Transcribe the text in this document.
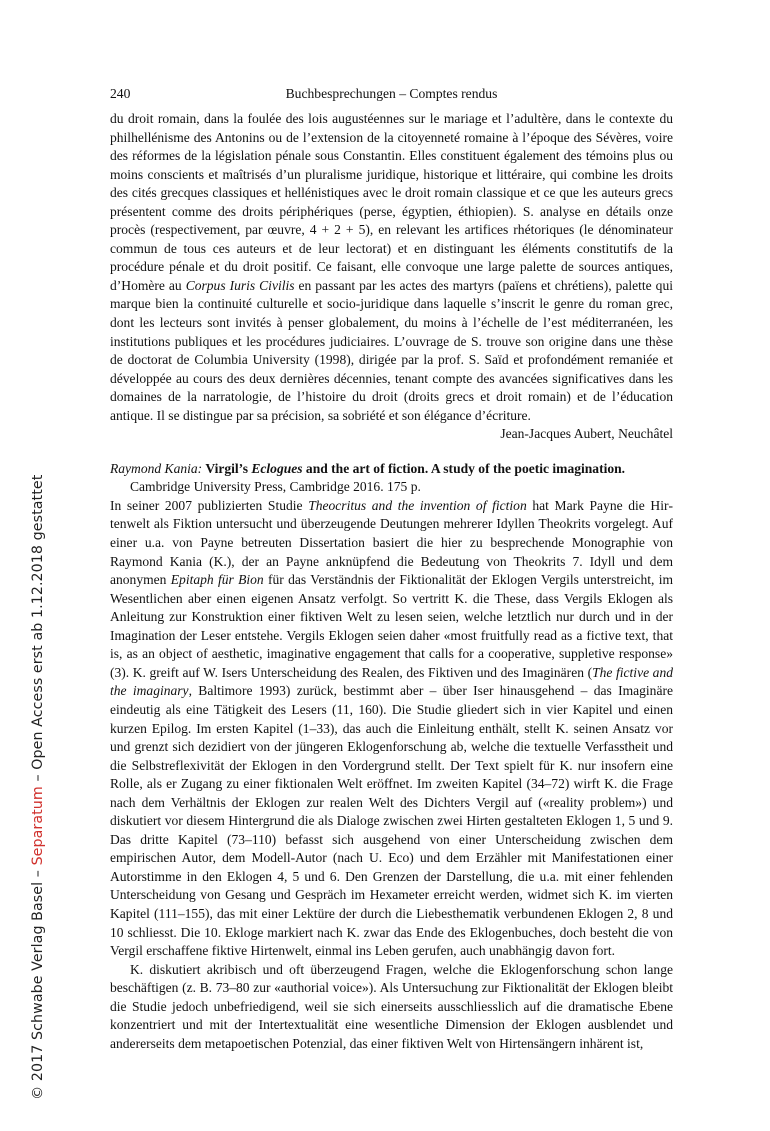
240	Buchbesprechungen – Comptes rendus

du droit romain, dans la foulée des lois augustéennes sur le mariage et l’adultère, dans le contexte du philhellénisme des Antonins ou de l’extension de la citoyenneté romaine à l’époque des Sévères, voire des réformes de la législation pénale sous Constantin. Elles constituent également des témoins plus ou moins conscients et maîtrisés d’un pluralisme juridique, historique et littéraire, qui combine les droits des cités grecques classiques et hellénistiques avec le droit romain classique et ce que les auteurs grecs présentent comme des droits périphériques (perse, égyptien, éthiopien). S. analyse en détails onze procès (respectivement, par œuvre, 4 + 2 + 5), en relevant les artifices rhétoriques (le dénominateur commun de tous ces auteurs et de leur lectorat) et en distinguant les éléments constitutifs de la procédure pénale et du droit positif. Ce faisant, elle convoque une large palette de sources antiques, d’Homère au Corpus Iuris Civilis en passant par les actes des martyrs (païens et chrétiens), palette qui marque bien la continuité culturelle et socio-juridique dans laquelle s’inscrit le genre du roman grec, dont les lecteurs sont invités à penser globalement, du moins à l’échelle de l’est méditerranéen, les institutions publiques et les procédures judiciaires. L’ouvrage de S. trouve son origine dans une thèse de doctorat de Columbia University (1998), dirigée par la prof. S. Saïd et profondément remaniée et développée au cours des deux dernières décennies, tenant compte des avancées significatives dans les domaines de la narratologie, de l’histoire du droit (droits grecs et droit romain) et de l’éducation antique. Il se distingue par sa précision, sa sobriété et son élégance d’écriture.
Jean-Jacques Aubert, Neuchâtel

Raymond Kania: Virgil’s Eclogues and the art of fiction. A study of the poetic imagination. Cambridge University Press, Cambridge 2016. 175 p.

In seiner 2007 publizierten Studie Theocritus and the invention of fiction hat Mark Payne die Hirtenwelt als Fiktion untersucht und überzeugende Deutungen mehrerer Idyllen Theokrits vorgelegt. Auf einer u.a. von Payne betreuten Dissertation basiert die hier zu besprechende Monographie von Raymond Kania (K.), der an Payne anknüpfend die Bedeutung von Theokrits 7. Idyll und dem anonymen Epitaph für Bion für das Verständnis der Fiktionalität der Eklogen Vergils unterstreicht, im Wesentlichen aber einen eigenen Ansatz verfolgt. So vertritt K. die These, dass Vergils Eklogen als Anleitung zur Konstruktion einer fiktiven Welt zu lesen seien, welche letztlich nur durch und in der Imagination der Leser entstehe. Vergils Eklogen seien daher «most fruitfully read as a fictive text, that is, as an object of aesthetic, imaginative engagement that calls for a cooperative, suppletive response» (3). K. greift auf W. Isers Unterscheidung des Realen, des Fiktiven und des Imaginären (The fictive and the imaginary, Baltimore 1993) zurück, bestimmt aber – über Iser hinausgehend – das Imaginäre eindeutig als eine Tätigkeit des Lesers (11, 160). Die Studie gliedert sich in vier Kapitel und einen kurzen Epilog. Im ersten Kapitel (1–33), das auch die Einleitung enthält, stellt K. seinen Ansatz vor und grenzt sich dezidiert von der jüngeren Eklogenforschung ab, welche die textuelle Verfasstheit und die Selbstreflexivität der Eklogen in den Vordergrund stellt. Der Text spielt für K. nur insofern eine Rolle, als er Zugang zu einer fiktionalen Welt eröffnet. Im zweiten Kapitel (34–72) wirft K. die Frage nach dem Verhältnis der Eklogen zur realen Welt des Dichters Vergil auf («reality problem») und diskutiert vor diesem Hintergrund die als Dialoge zwischen zwei Hirten gestalteten Eklogen 1, 5 und 9. Das dritte Kapitel (73–110) befasst sich ausgehend von einer Unterscheidung zwischen dem empirischen Autor, dem Modell-Autor (nach U. Eco) und dem Erzähler mit Manifestationen einer Autorstimme in den Eklogen 4, 5 und 6. Den Grenzen der Darstellung, die u.a. mit einer fehlenden Unterscheidung von Gesang und Gespräch im Hexameter erreicht werden, widmet sich K. im vierten Kapitel (111–155), das mit einer Lektüre der durch die Liebesthematik verbundenen Eklogen 2, 8 und 10 schliesst. Die 10. Ekloge markiert nach K. zwar das Ende des Eklogenbuches, doch besteht die von Vergil erschaffene fiktive Hirtenwelt, einmal ins Leben gerufen, auch unabhängig davon fort.

K. diskutiert akribisch und oft überzeugend Fragen, welche die Eklogenforschung schon lange beschäftigen (z. B. 73–80 zur «authorial voice»). Als Untersuchung zur Fiktionalität der Eklogen bleibt die Studie jedoch unbefriedigend, weil sie sich einerseits ausschliesslich auf die dramatische Ebene konzentriert und mit der Intertextualität eine wesentliche Dimension der Eklogen ausblendet und andererseits dem metapoetischen Potenzial, das einer fiktiven Welt von Hirtensängern inhärent ist,

© 2017 Schwabe Verlag Basel – Separatum – Open Access erst ab 1.12.2018 gestattet
